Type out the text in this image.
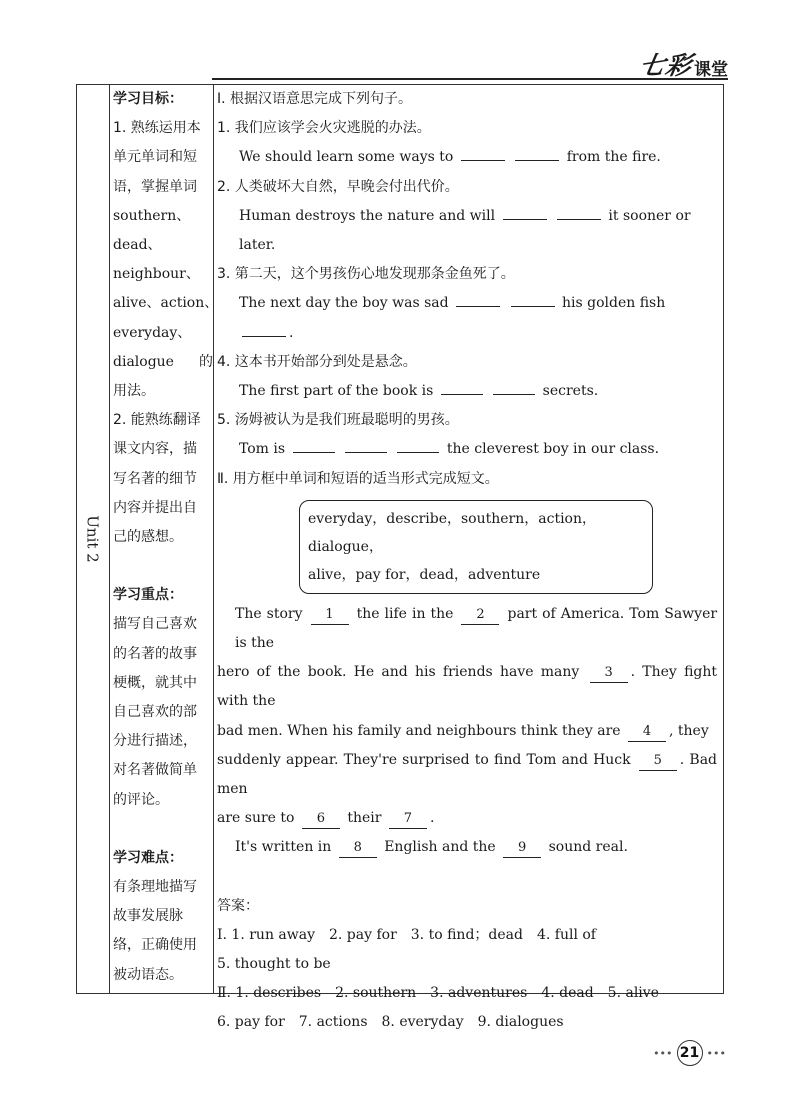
七彩 课堂
Unit 2
学习目标：
1. 熟练运用本
单元单词和短
语，掌握单词
southern、
dead、
neighbour、
alive、 action、
everyday、
dialogue 的
用法。
2. 能熟练翻译
课文内容，描
写名著的细节
内容并提出自
己的感想。
学习重点：
描写自己喜欢
的名著的故事
梗概，就其中
自己喜欢的部
分进行描述，
对名著做简单
的评论。
学习难点：
有条理地描写
故事发展脉
络，正确使用
被动语态。
Ⅰ. 根据汉语意思完成下列句子。
1. 我们应该学会火灾逃脱的办法。
We should learn some ways to	from the fire.
2. 人类破坏大自然，早晚会付出代价。
Human destroys the nature and will	it sooner or later.
3. 第二天，这个男孩伤心地发现那条金鱼死了。
The next day the boy was sad	his golden fish .
4. 这本书开始部分到处是悬念。
The first part of the book is	secrets.
5. 汤姆被认为是我们班最聪明的男孩。
Tom is	the cleverest boy in our class.
Ⅱ. 用方框中单词和短语的适当形式完成短文。
everyday，describe，southern，action，dialogue，
alive，pay for，dead，adventure
The story 1 the life in the 2 part of America. Tom Sawyer is the
hero of the book. He and his friends have many 3 . They fight with the
bad men. When his family and neighbours think they are 4 , they
suddenly appear. They're surprised to find Tom and Huck 5 . Bad men
are sure to 6 their 7 .
It's written in 8 English and the 9 sound real.
答案：
Ⅰ. 1. run away　2. pay for　3. to find；dead　4. full of
5. thought to be
Ⅱ. 1. describes　2. southern　3. adventures　4. dead　5. alive
6. pay for　7. actions　8. everyday　9. dialogues
••• 21 •••
